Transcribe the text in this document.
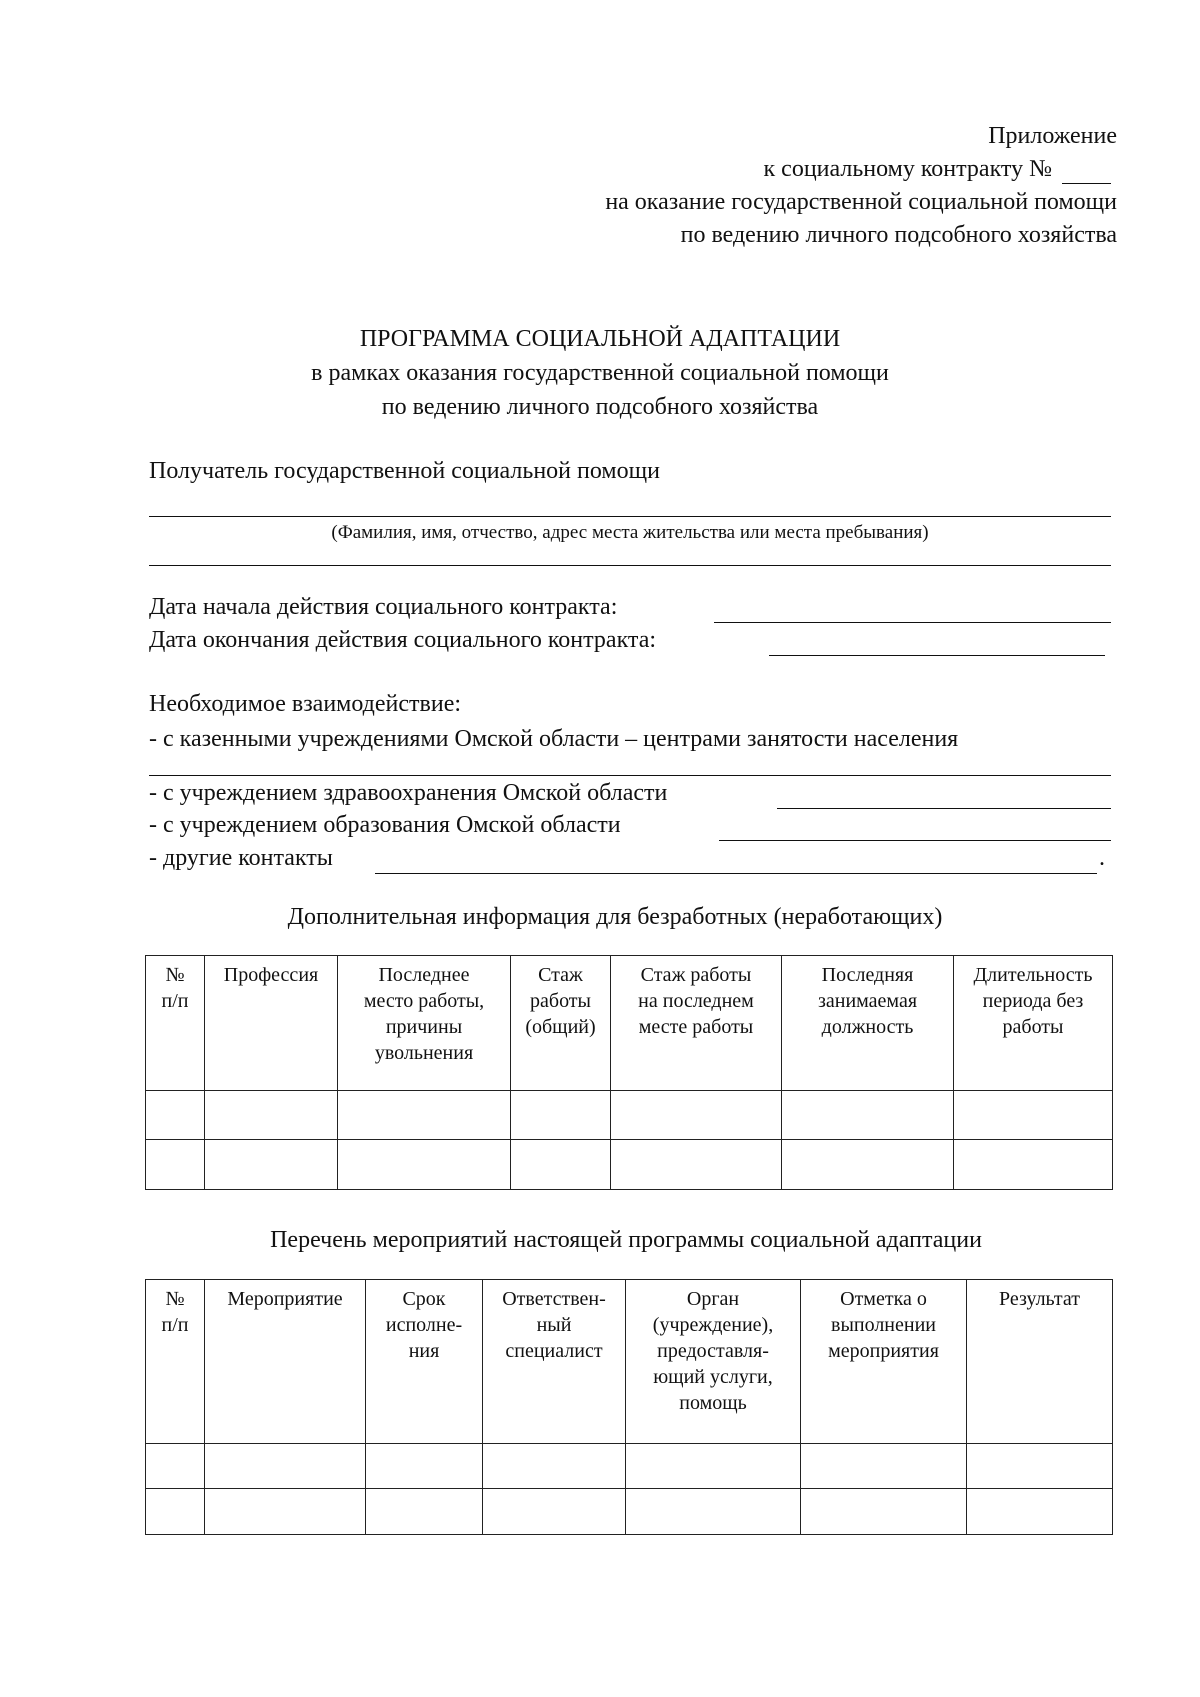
Приложение
к социальному контракту №
на оказание государственной социальной помощи
по ведению личного подсобного хозяйства
ПРОГРАММА СОЦИАЛЬНОЙ АДАПТАЦИИ
в рамках оказания государственной социальной помощи
по ведению личного подсобного хозяйства
Получатель государственной социальной помощи
(Фамилия, имя, отчество, адрес места жительства или места пребывания)
Дата начала действия социального контракта:
Дата окончания действия социального контракта:
Необходимое взаимодействие:
- с казенными учреждениями Омской области – центрами занятости населения
- с учреждением здравоохранения Омской области
- с учреждением образования Омской области
- другие контакты	.
Дополнительная информация для безработных (неработающих)
№
п/п	Профессия	Последнее
место работы,
причины
увольнения	Стаж
работы
(общий)	Стаж работы
на последнем
месте работы	Последняя
занимаемая
должность	Длительность
периода без
работы

Перечень мероприятий настоящей программы социальной адаптации
№
п/п	Мероприятие	Срок
исполне-
ния	Ответствен-
ный
специалист	Орган
(учреждение),
предоставля-
ющий услуги,
помощь	Отметка о
выполнении
мероприятия	Результат
